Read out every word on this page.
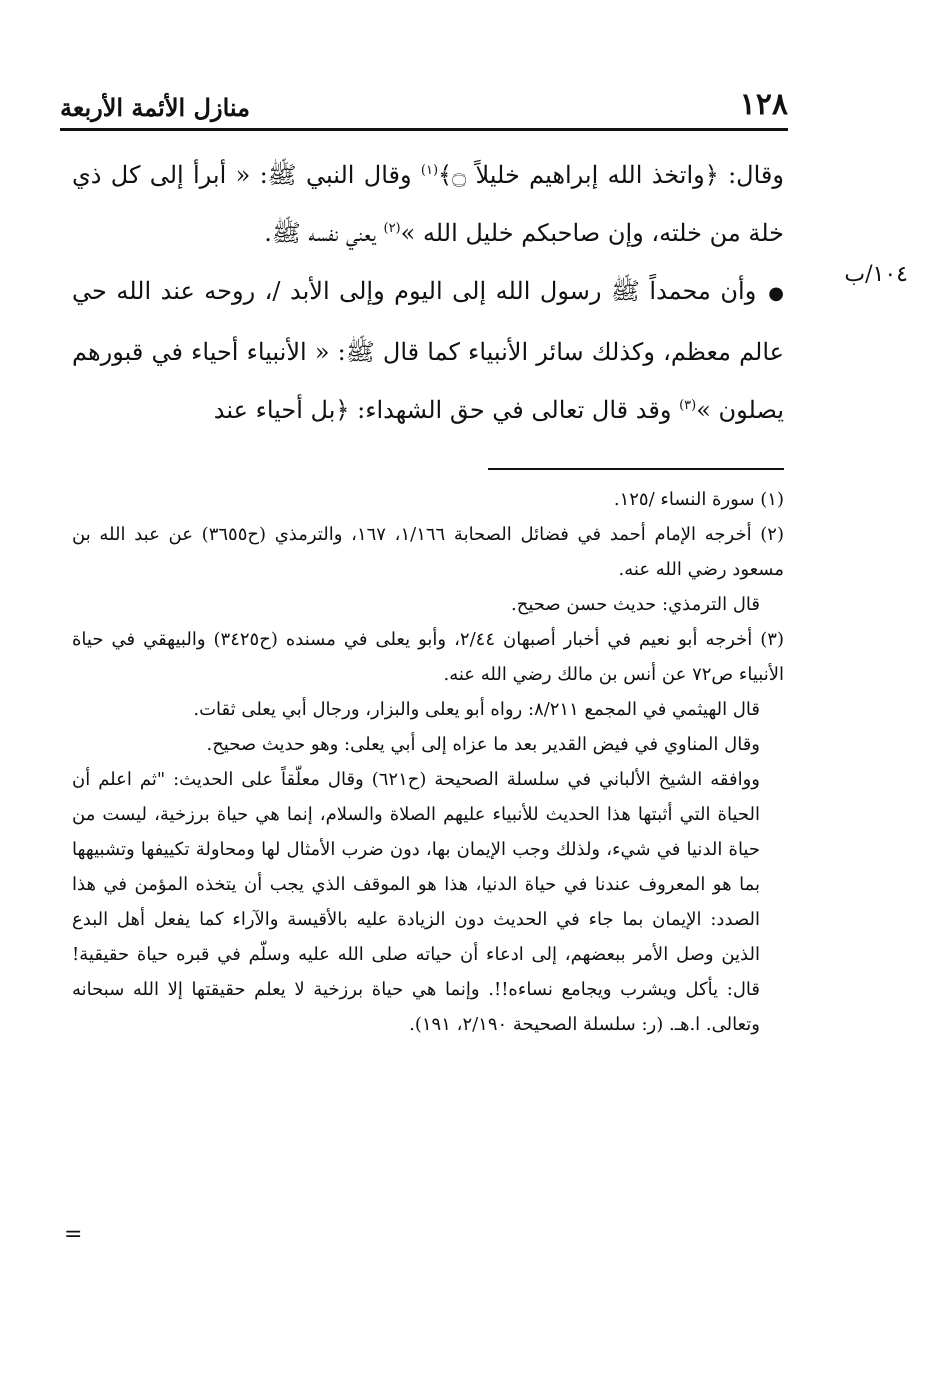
١٢٨
منازل الأئمة الأربعة
١٠٤/ب

وقال: ﴿واتخذ الله إبراهيم خليلاً ۝﴾$^{(١)}$ وقال النبي ﷺ: « أبرأ إلى كل ذي خلة من خلته، وإن صاحبكم خليل الله »$^{(٢)}$ يعني نفسه ﷺ.

●وأن محمداً ﷺ رسول الله إلى اليوم وإلى الأبد /، روحه عند الله حي عالم معظم، وكذلك سائر الأنبياء كما قال ﷺ: « الأنبياء أحياء في قبورهم يصلون »$^{(٣)}$ وقد قال تعالى في حق الشهداء: ﴿بل أحياء عند

(١) سورة النساء /١٢٥.

(٢) أخرجه الإمام أحمد في فضائل الصحابة ١/١٦٦، ١٦٧، والترمذي (ح٣٦٥٥) عن عبد الله بن مسعود رضي الله عنه.

قال الترمذي: حديث حسن صحيح.

(٣) أخرجه أبو نعيم في أخبار أصبهان ٢/٤٤، وأبو يعلى في مسنده (ح٣٤٢٥) والبيهقي في حياة الأنبياء ص٧٢ عن أنس بن مالك رضي الله عنه.

قال الهيثمي في المجمع ٨/٢١١: رواه أبو يعلى والبزار، ورجال أبي يعلى ثقات.

وقال المناوي في فيض القدير بعد ما عزاه إلى أبي يعلى: وهو حديث صحيح.

ووافقه الشيخ الألباني في سلسلة الصحيحة (ح٦٢١) وقال معلّقاً على الحديث: "ثم اعلم أن الحياة التي أثبتها هذا الحديث للأنبياء عليهم الصلاة والسلام، إنما هي حياة برزخية، ليست من حياة الدنيا في شيء، ولذلك وجب الإيمان بها، دون ضرب الأمثال لها ومحاولة تكييفها وتشبيهها بما هو المعروف عندنا في حياة الدنيا، هذا هو الموقف الذي يجب أن يتخذه المؤمن في هذا الصدد: الإيمان بما جاء في الحديث دون الزيادة عليه بالأقيسة والآراء كما يفعل أهل البدع الذين وصل الأمر ببعضهم، إلى ادعاء أن حياته صلى الله عليه وسلّم في قبره حياة حقيقية! قال: يأكل ويشرب ويجامع نساءه!!. وإنما هي حياة برزخية لا يعلم حقيقتها إلا الله سبحانه وتعالى. ا.هـ. (ر: سلسلة الصحيحة ٢/١٩٠، ١٩١).

=
